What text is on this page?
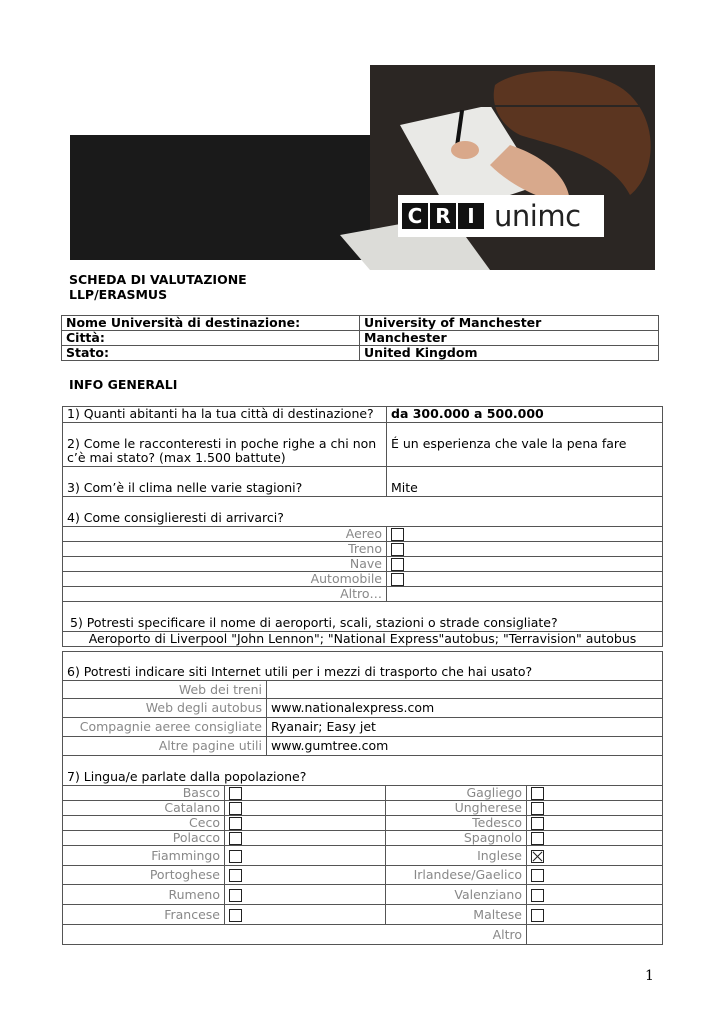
C R I unimc
SCHEDA DI VALUTAZIONE
LLP/ERASMUS
Nome Università di destinazione:	University of Manchester
Città:	Manchester
Stato:	United Kingdom
INFO GENERALI
1) Quanti abitanti ha la tua città di destinazione?	da 300.000 a 500.000

2) Come le racconteresti in poche righe a chi non
c’è mai stato? (max 1.500 battute)	É un esperienza che vale la pena fare
3) Com’è il clima nelle varie stagioni?	Mite
4) Come consiglieresti di arrivarci?	
Aereo	
Treno	
Nave	
Automobile	
Altro…	
5) Potresti specificare il nome di aeroporti, scali, stazioni o strade consigliate?	
Aeroporto di Liverpool "John Lennon"; "National Express"autobus; "Terravision" autobus	
6) Potresti indicare siti Internet utili per i mezzi di trasporto che hai usato?	
Web dei treni	
Web degli autobus	www.nationalexpress.com
Compagnie aeree consigliate	Ryanair; Easy jet
Altre pagine utili	www.gumtree.com
7) Lingua/e parlate dalla popolazione?			
Basco		Gagliego	
Catalano		Ungherese	
Ceco		Tedesco	
Polacco		Spagnolo	
Fiammingo		Inglese	
Portoghese		Irlandese/Gaelico	
Rumeno		Valenziano	
Francese		Maltese	
Altro			
1
